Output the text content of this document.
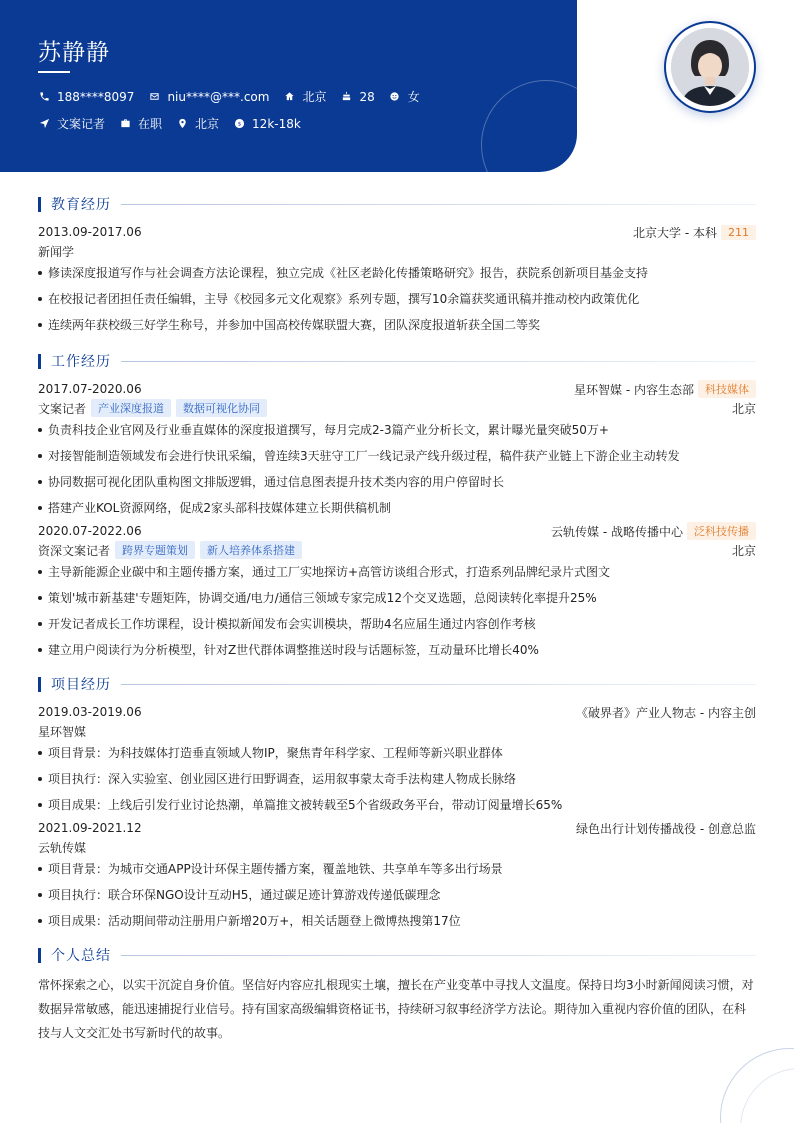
苏静静
188****8097	niu****@***.com	北京	28	女
文案记者	在职	北京 $ 12k-18k
教育经历
2013.09-2017.06	北京大学 - 本科	211
新闻学
修读深度报道写作与社会调查方法论课程，独立完成《社区老龄化传播策略研究》报告，获院系创新项目基金支持
在校报记者团担任责任编辑，主导《校园多元文化观察》系列专题，撰写10余篇获奖通讯稿并推动校内政策优化
连续两年获校级三好学生称号，并参加中国高校传媒联盟大赛，团队深度报道斩获全国二等奖
工作经历
2017.07-2020.06	星环智媒 - 内容生态部	科技媒体
文案记者	产业深度报道	数据可视化协同	北京
负责科技企业官网及行业垂直媒体的深度报道撰写，每月完成2-3篇产业分析长文，累计曝光量突破50万+
对接智能制造领域发布会进行快讯采编，曾连续3天驻守工厂一线记录产线升级过程，稿件获产业链上下游企业主动转发
协同数据可视化团队重构图文排版逻辑，通过信息图表提升技术类内容的用户停留时长
搭建产业KOL资源网络，促成2家头部科技媒体建立长期供稿机制
2020.07-2022.06	云轨传媒 - 战略传播中心	泛科技传播
资深文案记者	跨界专题策划	新人培养体系搭建	北京
主导新能源企业碳中和主题传播方案，通过工厂实地探访+高管访谈组合形式，打造系列品牌纪录片式图文
策划'城市新基建'专题矩阵，协调交通/电力/通信三领域专家完成12个交叉选题，总阅读转化率提升25%
开发记者成长工作坊课程，设计模拟新闻发布会实训模块，帮助4名应届生通过内容创作考核
建立用户阅读行为分析模型，针对Z世代群体调整推送时段与话题标签，互动量环比增长40%
项目经历
2019.03-2019.06	《破界者》产业人物志 - 内容主创
星环智媒
项目背景：为科技媒体打造垂直领域人物IP，聚焦青年科学家、工程师等新兴职业群体
项目执行：深入实验室、创业园区进行田野调查，运用叙事蒙太奇手法构建人物成长脉络
项目成果：上线后引发行业讨论热潮，单篇推文被转载至5个省级政务平台，带动订阅量增长65%
2021.09-2021.12	绿色出行计划传播战役 - 创意总监
云轨传媒
项目背景：为城市交通APP设计环保主题传播方案，覆盖地铁、共享单车等多出行场景
项目执行：联合环保NGO设计互动H5，通过碳足迹计算游戏传递低碳理念
项目成果：活动期间带动注册用户新增20万+，相关话题登上微博热搜第17位
个人总结
常怀探索之心，以实干沉淀自身价值。坚信好内容应扎根现实土壤，擅长在产业变革中寻找人文温度。保持日均3小时新闻阅读习惯，对数据异常敏感，能迅速捕捉行业信号。持有国家高级编辑资格证书，持续研习叙事经济学方法论。期待加入重视内容价值的团队，在科技与人文交汇处书写新时代的故事。
